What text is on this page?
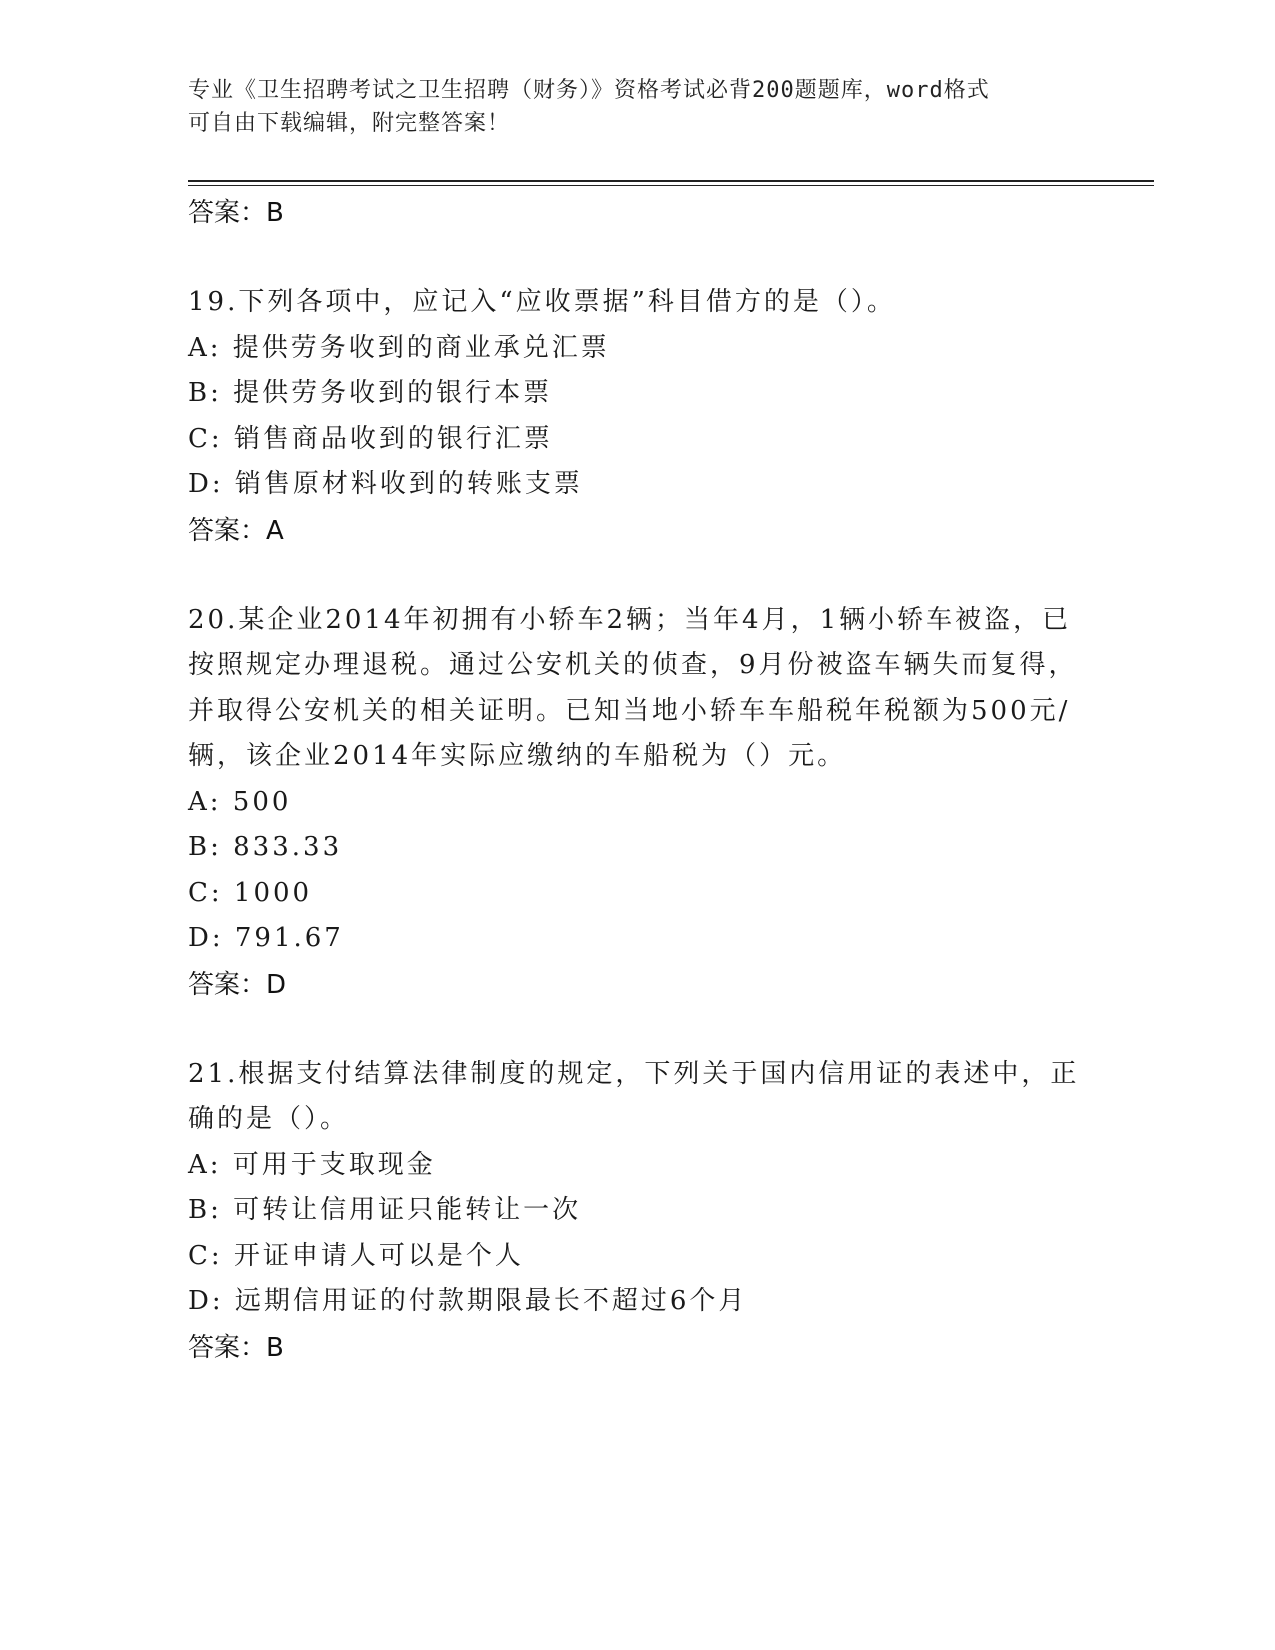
专业《卫生招聘考试之卫生招聘（财务）》资格考试必背200题题库，word格式
可自由下载编辑，附完整答案！
答案：B
19.下列各项中，应记入“应收票据”科目借方的是（）。
A: 提供劳务收到的商业承兑汇票
B: 提供劳务收到的银行本票
C: 销售商品收到的银行汇票
D: 销售原材料收到的转账支票
答案：A
20.某企业2014年初拥有小轿车2辆；当年4月，1辆小轿车被盗，已
按照规定办理退税。通过公安机关的侦查，9月份被盗车辆失而复得，
并取得公安机关的相关证明。已知当地小轿车车船税年税额为500元/
辆，该企业2014年实际应缴纳的车船税为（）元。
A: 500
B: 833.33
C: 1000
D: 791.67
答案：D
21.根据支付结算法律制度的规定，下列关于国内信用证的表述中，正
确的是（）。
A: 可用于支取现金
B: 可转让信用证只能转让一次
C: 开证申请人可以是个人
D: 远期信用证的付款期限最长不超过6个月
答案：B
